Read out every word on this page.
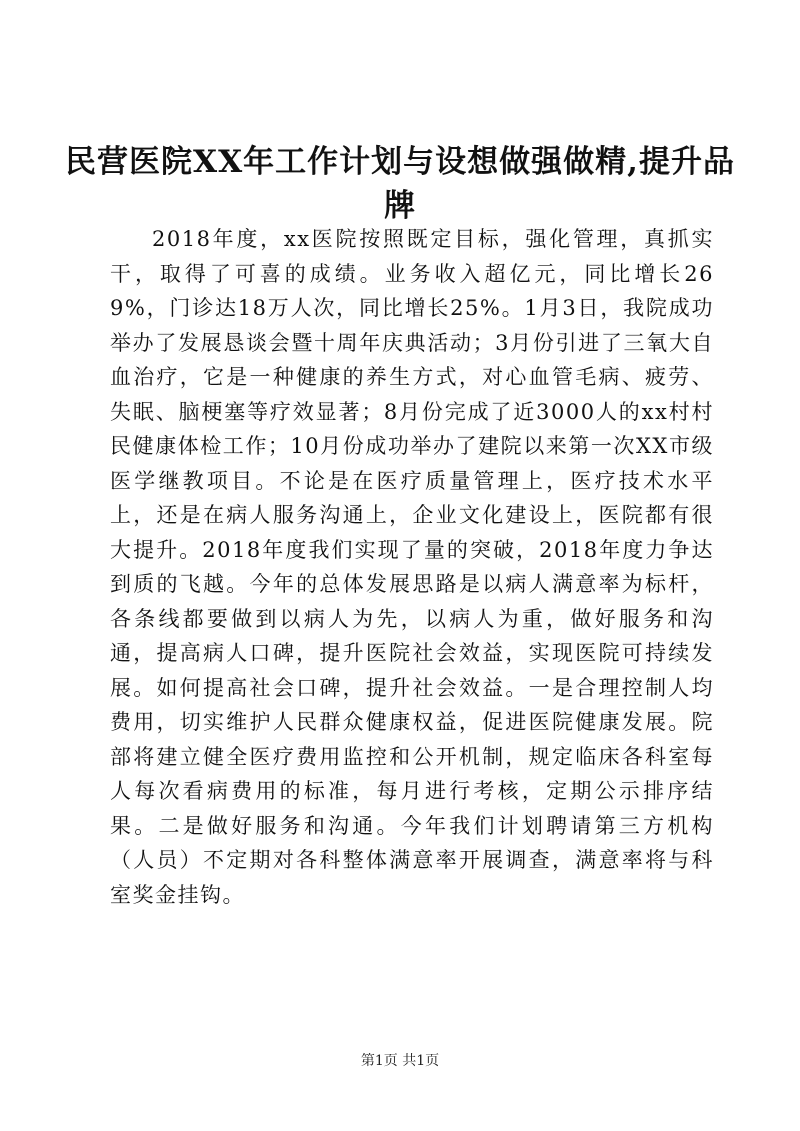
民营医院XX年工作计划与设想做强做精,提升品牌

2018年度，xx医院按照既定目标，强化管理，真抓实干，取得了可喜的成绩。业务收入超亿元，同比增长269%，门诊达18万人次，同比增长25%。1月3日，我院成功举办了发展恳谈会暨十周年庆典活动；3月份引进了三氧大自血治疗，它是一种健康的养生方式，对心血管毛病、疲劳、失眠、脑梗塞等疗效显著；8月份完成了近3000人的xx村村民健康体检工作；10月份成功举办了建院以来第一次XX市级医学继教项目。不论是在医疗质量管理上，医疗技术水平上，还是在病人服务沟通上，企业文化建设上，医院都有很大提升。2018年度我们实现了量的突破，2018年度力争达到质的飞越。今年的总体发展思路是以病人满意率为标杆，各条线都要做到以病人为先，以病人为重，做好服务和沟通，提高病人口碑，提升医院社会效益，实现医院可持续发展。如何提高社会口碑，提升社会效益。一是合理控制人均费用，切实维护人民群众健康权益，促进医院健康发展。院部将建立健全医疗费用监控和公开机制，规定临床各科室每人每次看病费用的标准，每月进行考核，定期公示排序结果。二是做好服务和沟通。今年我们计划聘请第三方机构（人员）不定期对各科整体满意率开展调查，满意率将与科室奖金挂钩。

第1页 共1页
